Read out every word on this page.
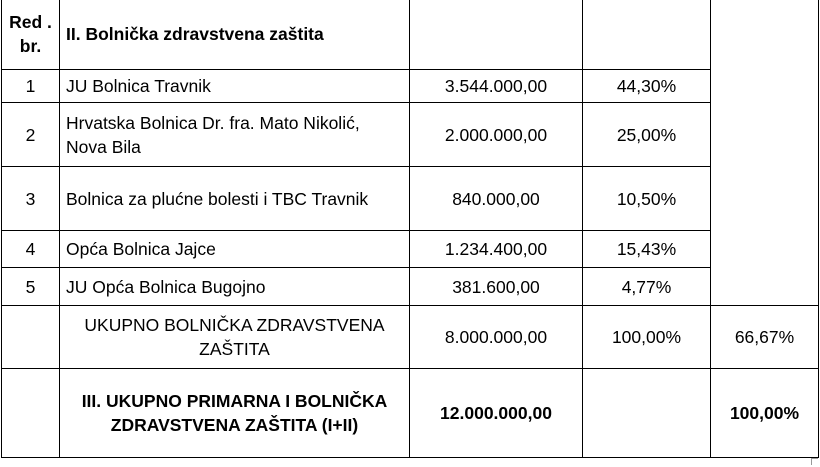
Red . br.	II. Bolnička zdravstvena zaštita			
1	JU Bolnica Travnik	3.544.000,00	44,30%	
2	Hrvatska Bolnica Dr. fra. Mato Nikolić, Nova Bila	2.000.000,00	25,00%	
3	Bolnica za plućne bolesti i TBC Travnik	840.000,00	10,50%	
4	Opća Bolnica Jajce	1.234.400,00	15,43%	
5	JU Opća Bolnica Bugojno	381.600,00	4,77%	
	UKUPNO BOLNIČKA ZDRAVSTVENA ZAŠTITA	8.000.000,00	100,00%	66,67%
	III. UKUPNO PRIMARNA I BOLNIČKA ZDRAVSTVENA ZAŠTITA (I+II)	12.000.000,00		100,00%
